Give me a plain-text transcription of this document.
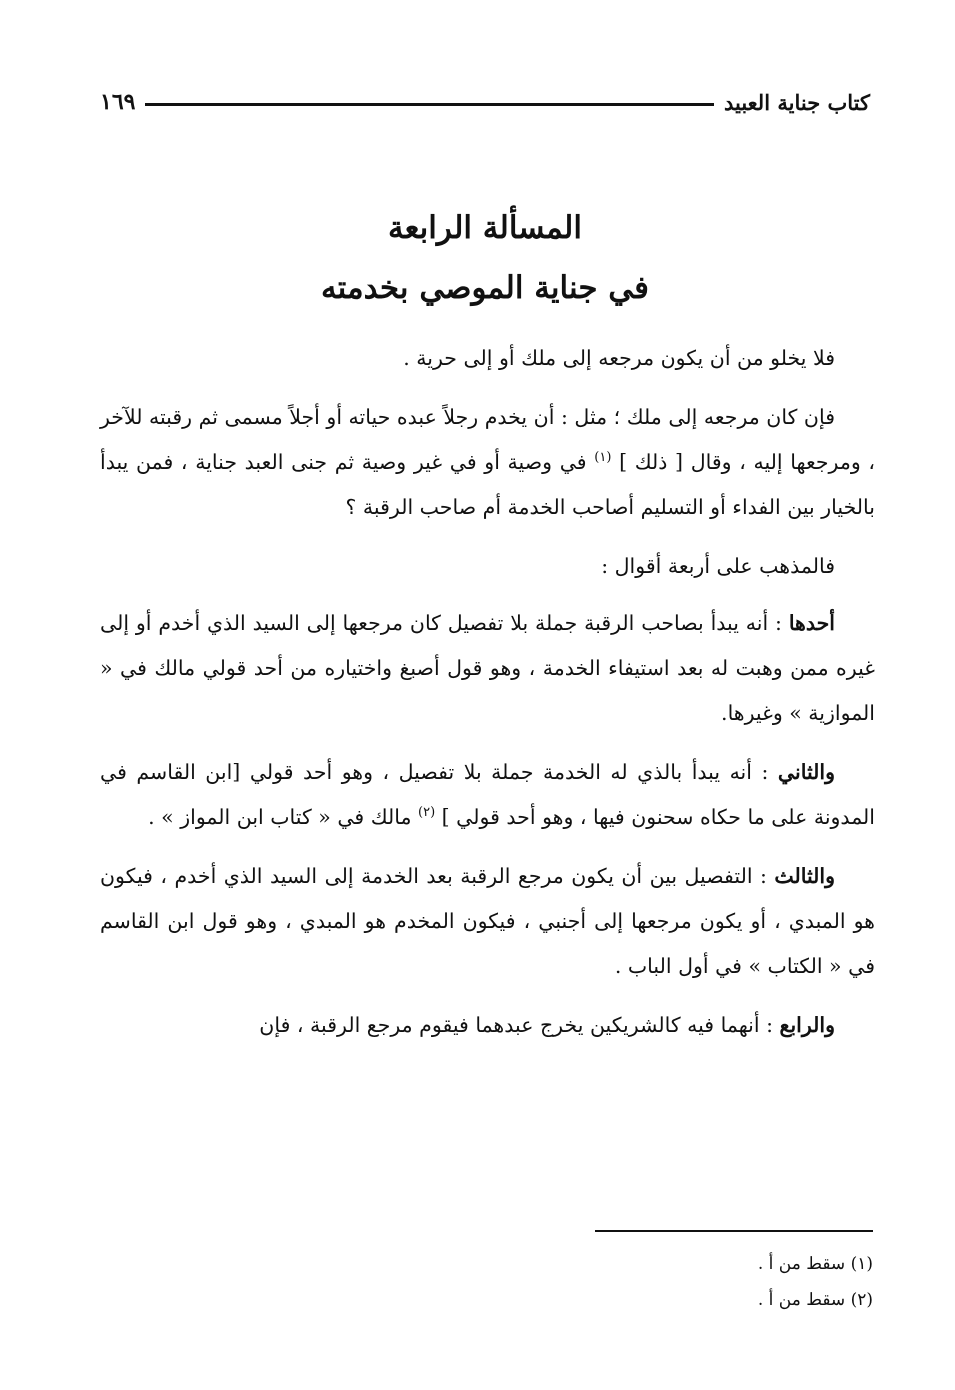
كتاب جناية العبيد
١٦٩
المسألة الرابعة
في جناية الموصي بخدمته

فلا يخلو من أن يكون مرجعه إلى ملك أو إلى حرية .

فإن كان مرجعه إلى ملك ؛ مثل : أن يخدم رجلاً عبده حياته أو أجلاً مسمى ثم رقبته للآخر ، ومرجعها إليه ، وقال [ ذلك ] $^{(١)}$ في وصية أو في غير وصية ثم جنى العبد جناية ، فمن يبدأ بالخيار بين الفداء أو التسليم أصاحب الخدمة أم صاحب الرقبة ؟

فالمذهب على أربعة أقوال :

أحدها : أنه يبدأ بصاحب الرقبة جملة بلا تفصيل كان مرجعها إلى السيد الذي أخدم أو إلى غيره ممن وهبت له بعد استيفاء الخدمة ، وهو قول أصبغ واختياره من أحد قولي مالك في « الموازية » وغيرها.

والثاني : أنه يبدأ بالذي له الخدمة جملة بلا تفصيل ، وهو أحد قولي [ابن القاسم في المدونة على ما حكاه سحنون فيها ، وهو أحد قولي ] $^{(٢)}$ مالك في « كتاب ابن المواز » .

والثالث : التفصيل بين أن يكون مرجع الرقبة بعد الخدمة إلى السيد الذي أخدم ، فيكون هو المبدي ، أو يكون مرجعها إلى أجنبي ، فيكون المخدم هو المبدي ، وهو قول ابن القاسم في « الكتاب » في أول الباب .

والرابع : أنهما فيه كالشريكين يخرج عبدهما فيقوم مرجع الرقبة ، فإن

(١) سقط من أ .
(٢) سقط من أ .
